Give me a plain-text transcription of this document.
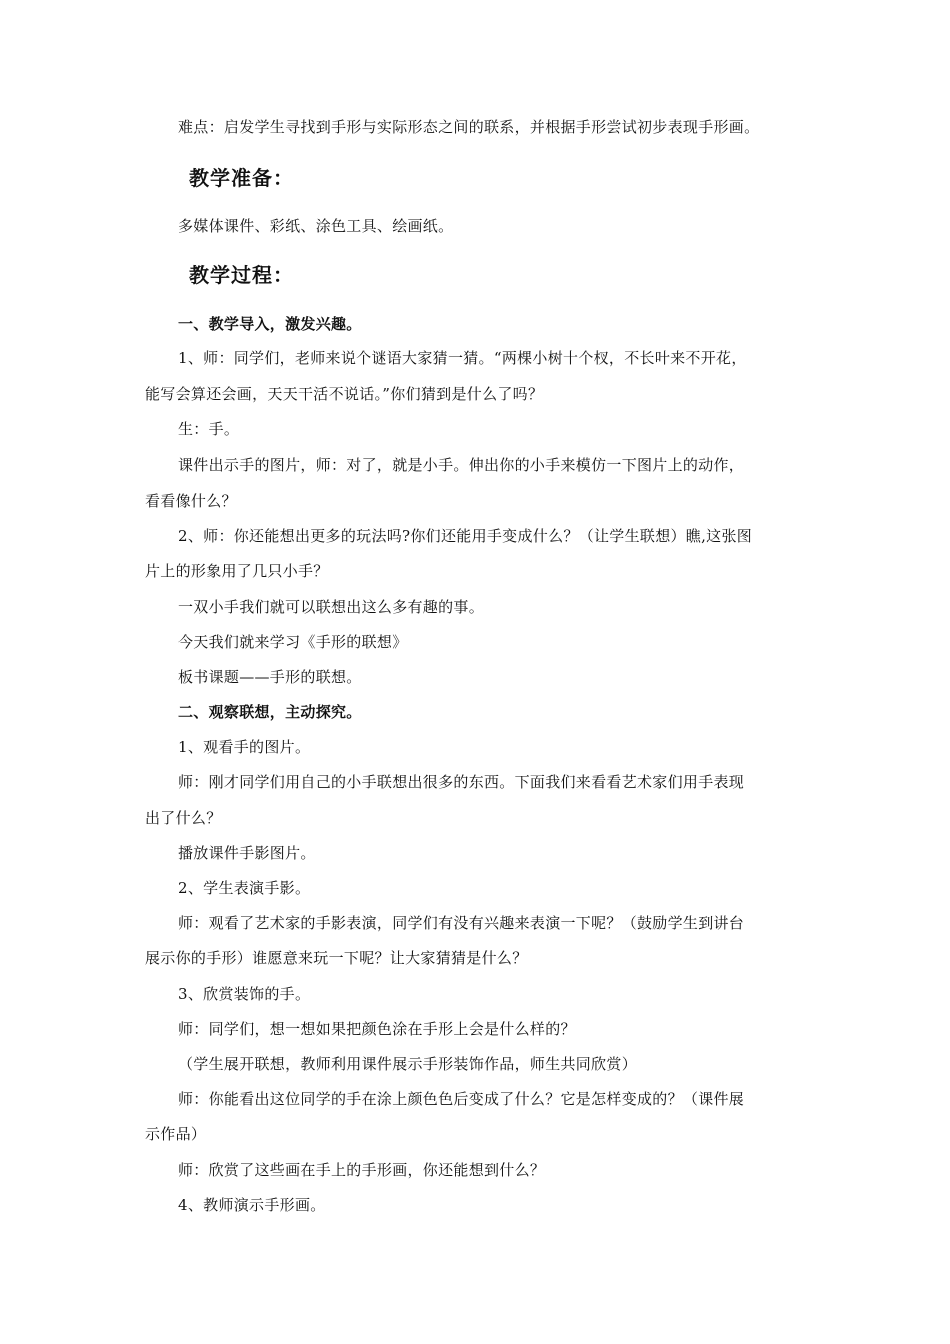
难点：启发学生寻找到手形与实际形态之间的联系，并根据手形尝试初步表现手形画。
教学准备：
多媒体课件、彩纸、涂色工具、绘画纸。
教学过程：
一、教学导入，激发兴趣。
1、师：同学们，老师来说个谜语大家猜一猜。“两棵小树十个杈，不长叶来不开花，
能写会算还会画，天天干活不说话。”你们猜到是什么了吗？
生：手。
课件出示手的图片，师：对了，就是小手。伸出你的小手来模仿一下图片上的动作，
看看像什么？
2、师：你还能想出更多的玩法吗?你们还能用手变成什么？（让学生联想）瞧,这张图
片上的形象用了几只小手？
一双小手我们就可以联想出这么多有趣的事。
今天我们就来学习《手形的联想》
板书课题——手形的联想。
二、观察联想，主动探究。
1、观看手的图片。
师：刚才同学们用自己的小手联想出很多的东西。下面我们来看看艺术家们用手表现
出了什么？
播放课件手影图片。
2、学生表演手影。
师：观看了艺术家的手影表演，同学们有没有兴趣来表演一下呢？（鼓励学生到讲台
展示你的手形）谁愿意来玩一下呢？让大家猜猜是什么？
3、欣赏装饰的手。
师：同学们，想一想如果把颜色涂在手形上会是什么样的？
（学生展开联想，教师利用课件展示手形装饰作品，师生共同欣赏）
师：你能看出这位同学的手在涂上颜色色后变成了什么？它是怎样变成的？（课件展
示作品）
师：欣赏了这些画在手上的手形画，你还能想到什么？
4、教师演示手形画。
